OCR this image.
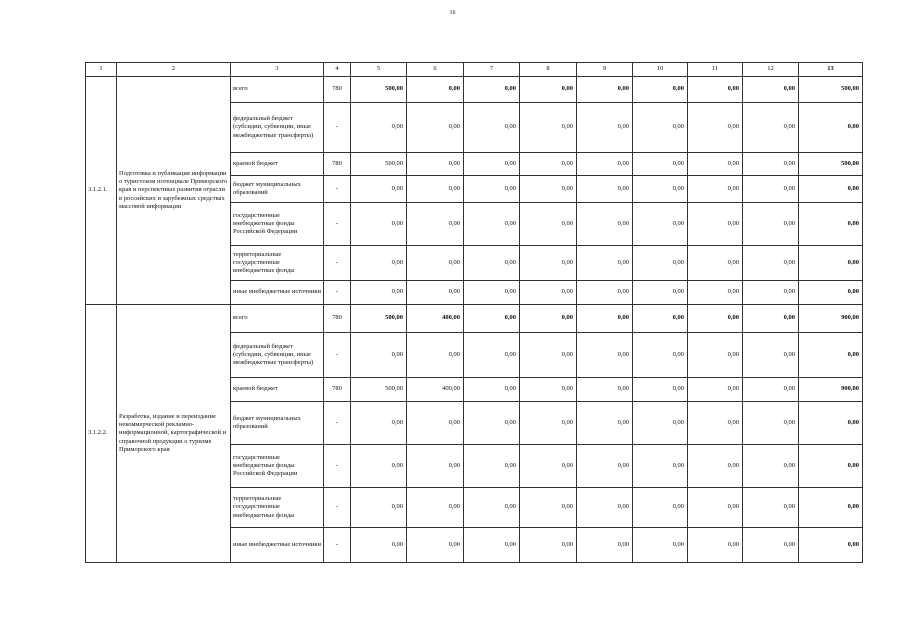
16
1	2	3	4	5	6	7	8	9	10	11	12	13
3.1.2.1.	Подготовка и публикация информации о туристском потенциале Приморского края и перспективах развития отрасли в российских и зарубежных средствах массовой информации	всего	780	500,00	0,00	0,00	0,00	0,00	0,00	0,00	0,00	500,00
		федеральный бюджет (субсидии, субвенции, иные межбюджетные трансферты)	-	0,00	0,00	0,00	0,00	0,00	0,00	0,00	0,00	0,00
		краевой бюджет	780	500,00	0,00	0,00	0,00	0,00	0,00	0,00	0,00	500,00
		бюджет муниципальных образований	-	0,00	0,00	0,00	0,00	0,00	0,00	0,00	0,00	0,00
		государственные внебюджетные фонды Российской Федерации	-	0,00	0,00	0,00	0,00	0,00	0,00	0,00	0,00	0,00
		территориальные государственные внебюджетные фонды	-	0,00	0,00	0,00	0,00	0,00	0,00	0,00	0,00	0,00
		иные внебюджетные источники	-	0,00	0,00	0,00	0,00	0,00	0,00	0,00	0,00	0,00
3.1.2.2.	Разработка, издание и переиздание некоммерческой рекламно-информационной, картографической и справочной продукции о туризме Приморского края	всего	780	500,00	400,00	0,00	0,00	0,00	0,00	0,00	0,00	900,00
		федеральный бюджет (субсидии, субвенции, иные межбюджетные трансферты)	-	0,00	0,00	0,00	0,00	0,00	0,00	0,00	0,00	0,00
		краевой бюджет	780	500,00	400,00	0,00	0,00	0,00	0,00	0,00	0,00	900,00
		бюджет муниципальных образований	-	0,00	0,00	0,00	0,00	0,00	0,00	0,00	0,00	0,00
		государственные внебюджетные фонды Российской Федерации	-	0,00	0,00	0,00	0,00	0,00	0,00	0,00	0,00	0,00
		территориальные государственные внебюджетные фонды	-	0,00	0,00	0,00	0,00	0,00	0,00	0,00	0,00	0,00
		иные внебюджетные источники	-	0,00	0,00	0,00	0,00	0,00	0,00	0,00	0,00	0,00
